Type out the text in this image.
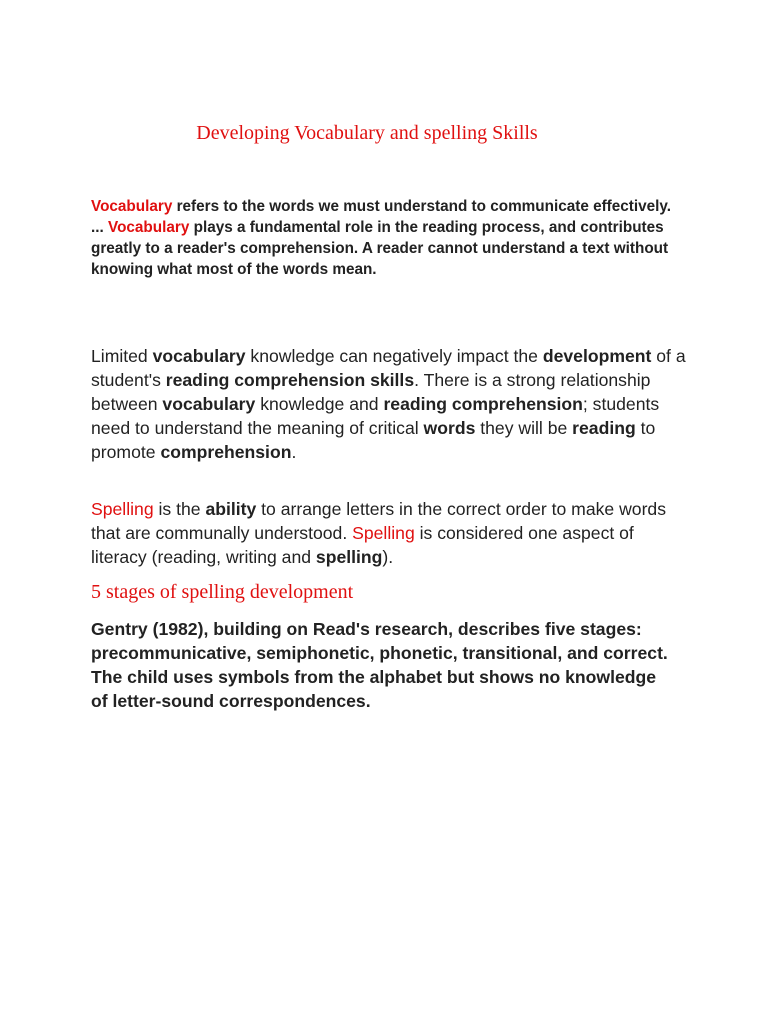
Developing Vocabulary and spelling Skills

Vocabulary refers to the words we must understand to communicate effectively. ... Vocabulary plays a fundamental role in the reading process, and contributes greatly to a reader's comprehension. A reader cannot understand a text without knowing what most of the words mean.

Limited vocabulary knowledge can negatively impact the development of a student's reading comprehension skills. There is a strong relationship between vocabulary knowledge and reading comprehension; students need to understand the meaning of critical words they will be reading to promote comprehension.

Spelling is the ability to arrange letters in the correct order to make words that are communally understood. Spelling is considered one aspect of literacy (reading, writing and spelling).

5 stages of spelling development

Gentry (1982), building on Read's research, describes five stages: precommunicative, semiphonetic, phonetic, transitional, and correct. The child uses symbols from the alphabet but shows no knowledge of letter-sound correspondences.
